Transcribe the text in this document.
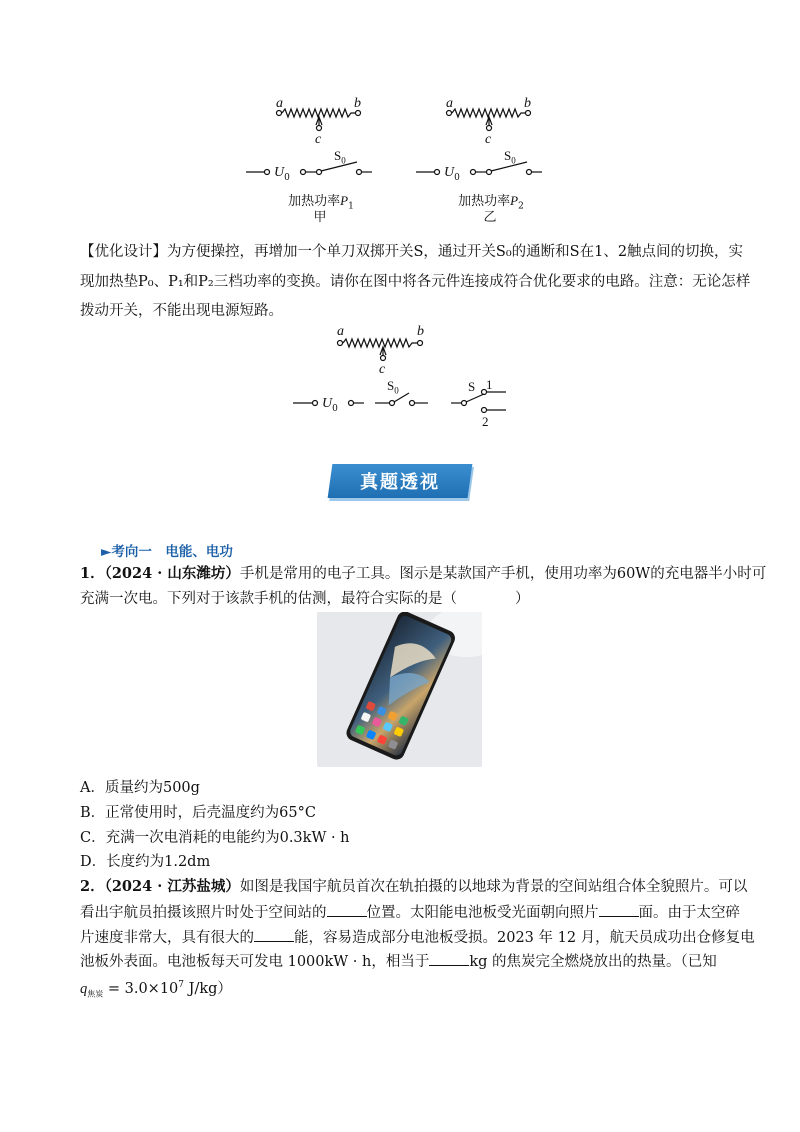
a	b
c
$U_0$
$S_0$
加热功率$P_1$
甲
a	b
c
$U_0$
$S_0$
加热功率$P_2$
乙
【优化设计】为方便操控，再增加一个单刀双掷开关S，通过开关S₀的通断和S在1、2触点间的切换，实
现加热垫P₀、P₁和P₂三档功率的变换。请你在图中将各元件连接成符合优化要求的电路。注意：无论怎样
拨动开关，不能出现电源短路。
a	b
c
$U_0$
$S_0$	S 1
2
真题透视
►考向一　电能、电功
1．（2024 · 山东潍坊）手机是常用的电子工具。图示是某款国产手机，使用功率为60W的充电器半小时可
充满一次电。下列对于该款手机的估测，最符合实际的是（　　　　）
A．质量约为500g
B．正常使用时，后壳温度约为65°C
C．充满一次电消耗的电能约为0.3kW · h
D．长度约为1.2dm
2．（2024 · 江苏盐城）如图是我国宇航员首次在轨拍摄的以地球为背景的空间站组合体全貌照片。可以
看出宇航员拍摄该照片时处于空间站的	位置。太阳能电池板受光面朝向照片	面。由于太空碎
片速度非常大，具有很大的	能，容易造成部分电池板受损。2023 年 12 月，航天员成功出仓修复电
池板外表面。电池板每天可发电 1000kW · h，相当于	kg 的焦炭完全燃烧放出的热量。（已知
$q_{焦炭} = 3.0\times 10^7$ J/kg）
